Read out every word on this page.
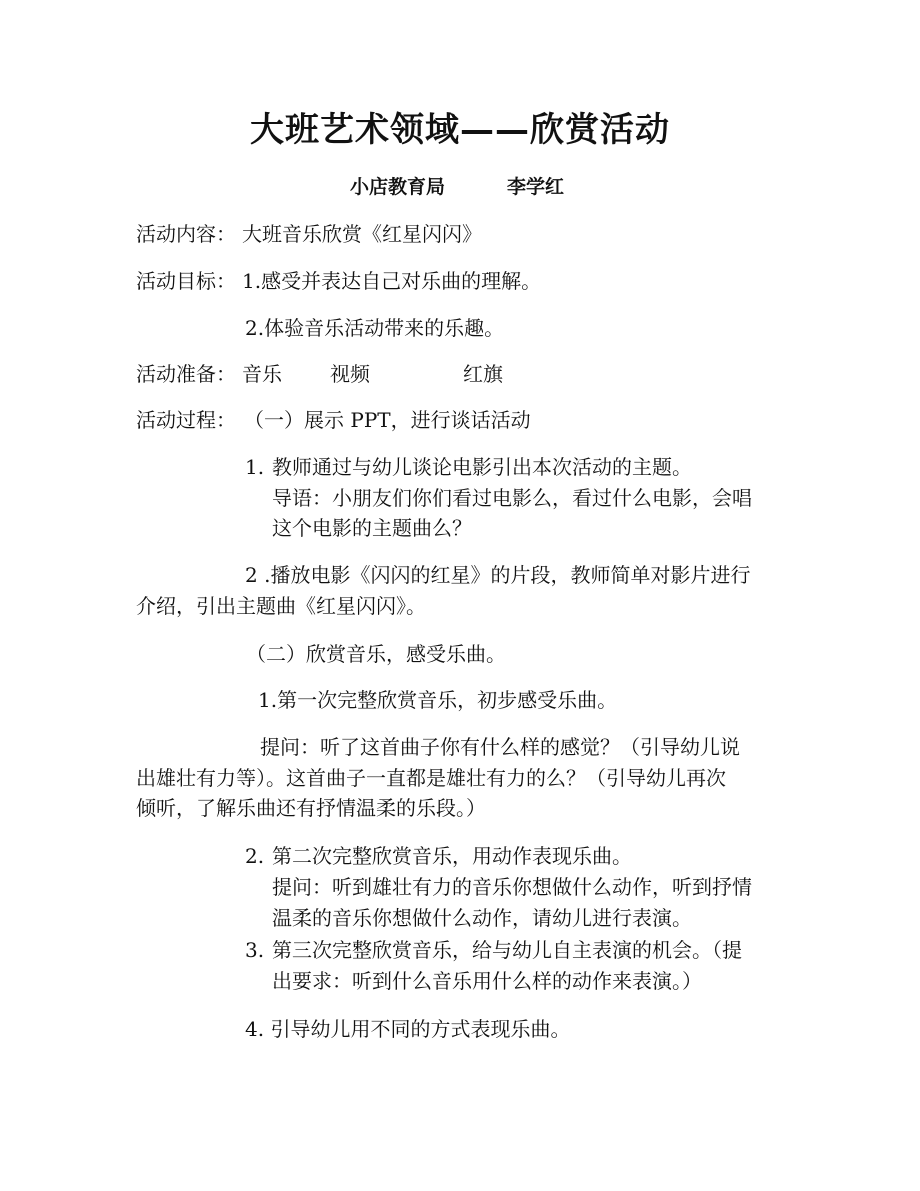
大班艺术领域——欣赏活动
小店教育局	李学红
活动内容： 大班音乐欣赏《红星闪闪》
活动目标： 1.感受并表达自己对乐曲的理解。
2.体验音乐活动带来的乐趣。
活动准备： 音乐 视频	红旗
活动过程： （一）展示 PPT，进行谈话活动
1. 教师通过与幼儿谈论电影引出本次活动的主题。
导语：小朋友们你们看过电影么，看过什么电影，会唱
这个电影的主题曲么？
2 .播放电影《闪闪的红星》的片段，教师简单对影片进行
介绍，引出主题曲《红星闪闪》。
（二）欣赏音乐，感受乐曲。
1.第一次完整欣赏音乐，初步感受乐曲。
提问：听了这首曲子你有什么样的感觉？（引导幼儿说
出雄壮有力等）。这首曲子一直都是雄壮有力的么？（引导幼儿再次
倾听，了解乐曲还有抒情温柔的乐段。）
2. 第二次完整欣赏音乐，用动作表现乐曲。
提问：听到雄壮有力的音乐你想做什么动作，听到抒情
温柔的音乐你想做什么动作，请幼儿进行表演。
3. 第三次完整欣赏音乐，给与幼儿自主表演的机会。（提
出要求：听到什么音乐用什么样的动作来表演。）
4. 引导幼儿用不同的方式表现乐曲。
